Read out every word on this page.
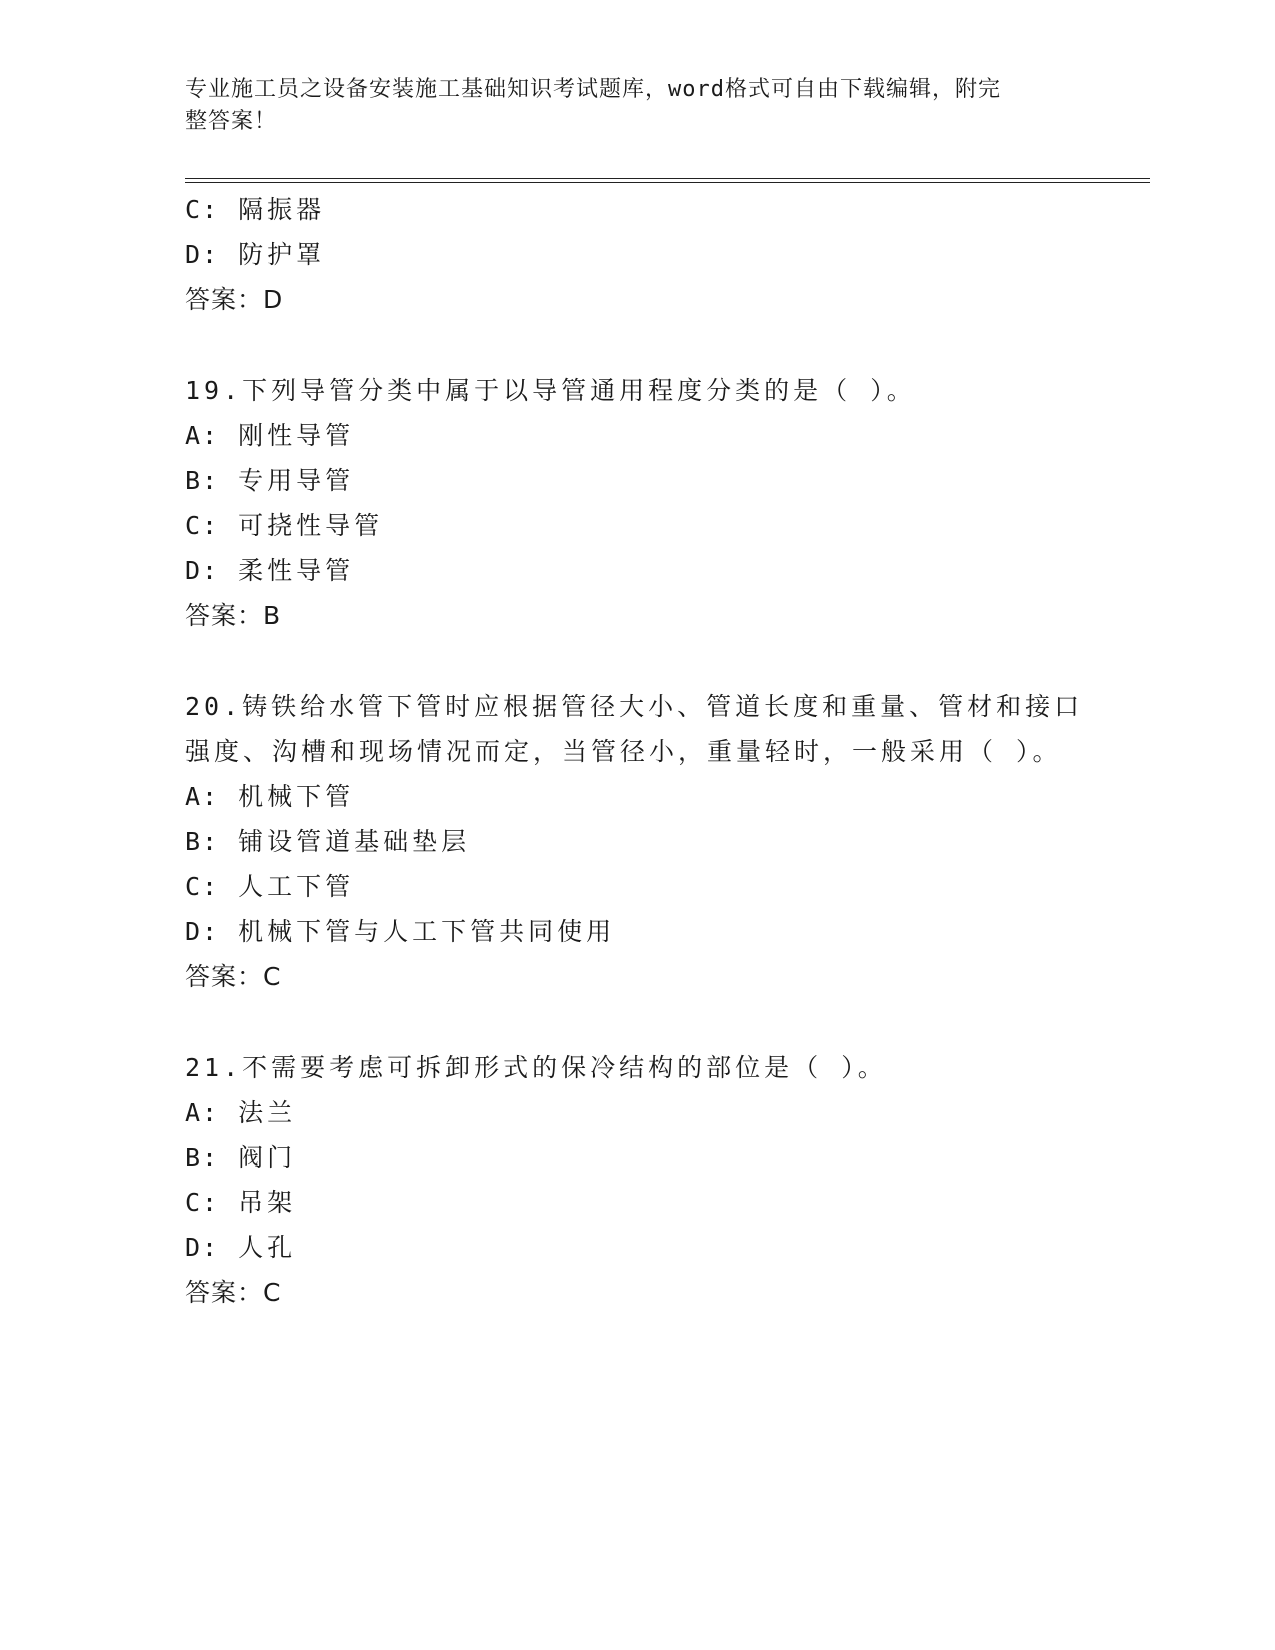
专业施工员之设备安装施工基础知识考试题库，word格式可自由下载编辑，附完
整答案！
C: 隔振器
D: 防护罩
答案：D
19.下列导管分类中属于以导管通用程度分类的是（ ）。
A: 刚性导管
B: 专用导管
C: 可挠性导管
D: 柔性导管
答案：B
20.铸铁给水管下管时应根据管径大小、管道长度和重量、管材和接口
强度、沟槽和现场情况而定，当管径小，重量轻时，一般采用（ ）。
A: 机械下管
B: 铺设管道基础垫层
C: 人工下管
D: 机械下管与人工下管共同使用
答案：C
21.不需要考虑可拆卸形式的保冷结构的部位是（ ）。
A: 法兰
B: 阀门
C: 吊架
D: 人孔
答案：C
